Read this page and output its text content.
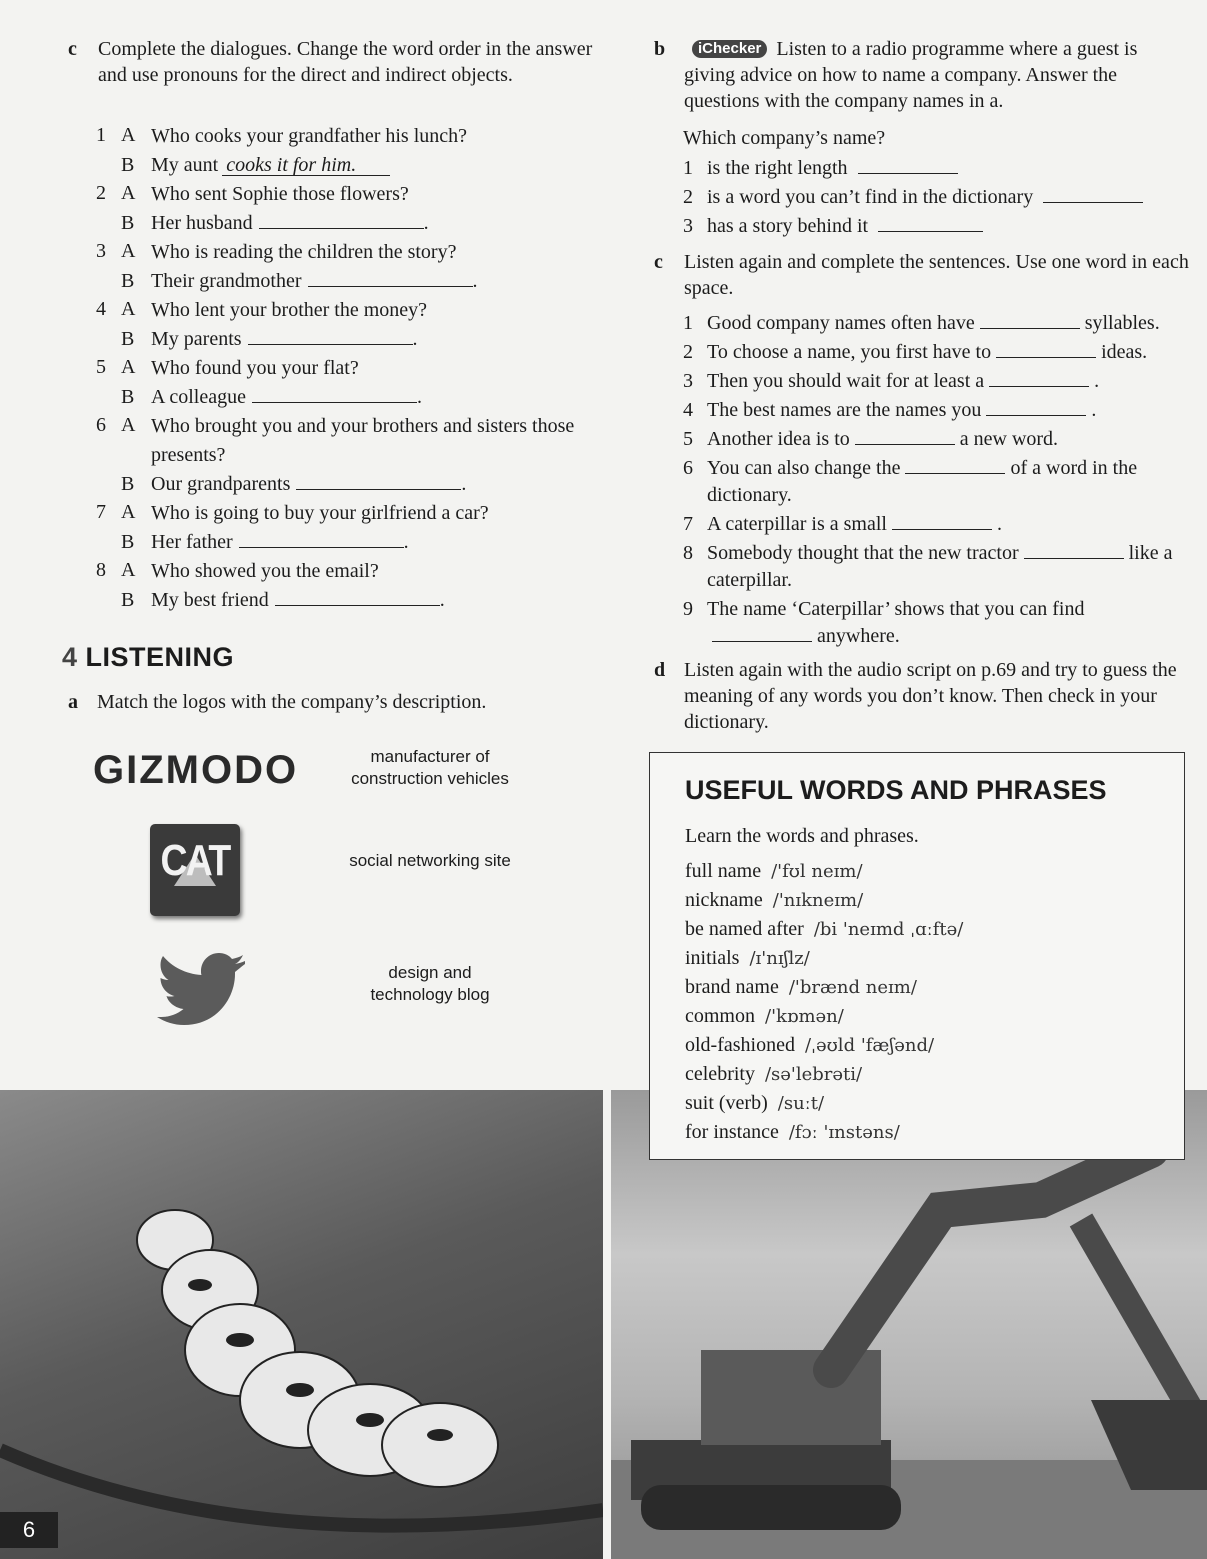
c Complete the dialogues. Change the word order in the answer and use pronouns for the direct and indirect objects.
1 A Who cooks your grandfather his lunch?
B My aunt cooks it for him.
2 A Who sent Sophie those flowers?
B Her husband	.
3 A Who is reading the children the story?
B Their grandmother	.
4 A Who lent your brother the money?
B My parents	.
5 A Who found you your flat?
B A colleague	.
6 A Who brought you and your brothers and sisters those presents?
B Our grandparents	.
7 A Who is going to buy your girlfriend a car?
B Her father	.
8 A Who showed you the email?
B My best friend	.
4 LISTENING
a Match the logos with the company’s description.
GIZMODO
CAT
manufacturer of construction vehicles
social networking site
design and technology blog
b iChecker Listen to a radio programme where a guest is giving advice on how to name a company. Answer the questions with the company names in a.
Which company’s name?
1 is the right length
2 is a word you can’t find in the dictionary
3 has a story behind it
c Listen again and complete the sentences. Use one word in each space.
1 Good company names often have	syllables.
2 To choose a name, you first have to	ideas.
3 Then you should wait for at least a	.
4 The best names are the names you	.
5 Another idea is to	a new word.
6 You can also change the	of a word in the dictionary.
7 A caterpillar is a small	.
8 Somebody thought that the new tractor	like a caterpillar.
9 The name ‘Caterpillar’ shows that you can findanywhere.
d Listen again with the audio script on p.69 and try to guess the meaning of any words you don’t know. Then check in your dictionary.
USEFUL WORDS AND PHRASES
Learn the words and phrases.
full name /'fʊl neɪm/
nickname /'nɪkneɪm/
be named after /bi 'neɪmd ˌɑːftə/
initials /ɪ'nɪʃlz/
brand name /'brænd neɪm/
common /'kɒmən/
old-fashioned /ˌəʊld 'fæʃənd/
celebrity /sə'lebrəti/
suit (verb) /suːt/
for instance /fɔː 'ɪnstəns/
6
